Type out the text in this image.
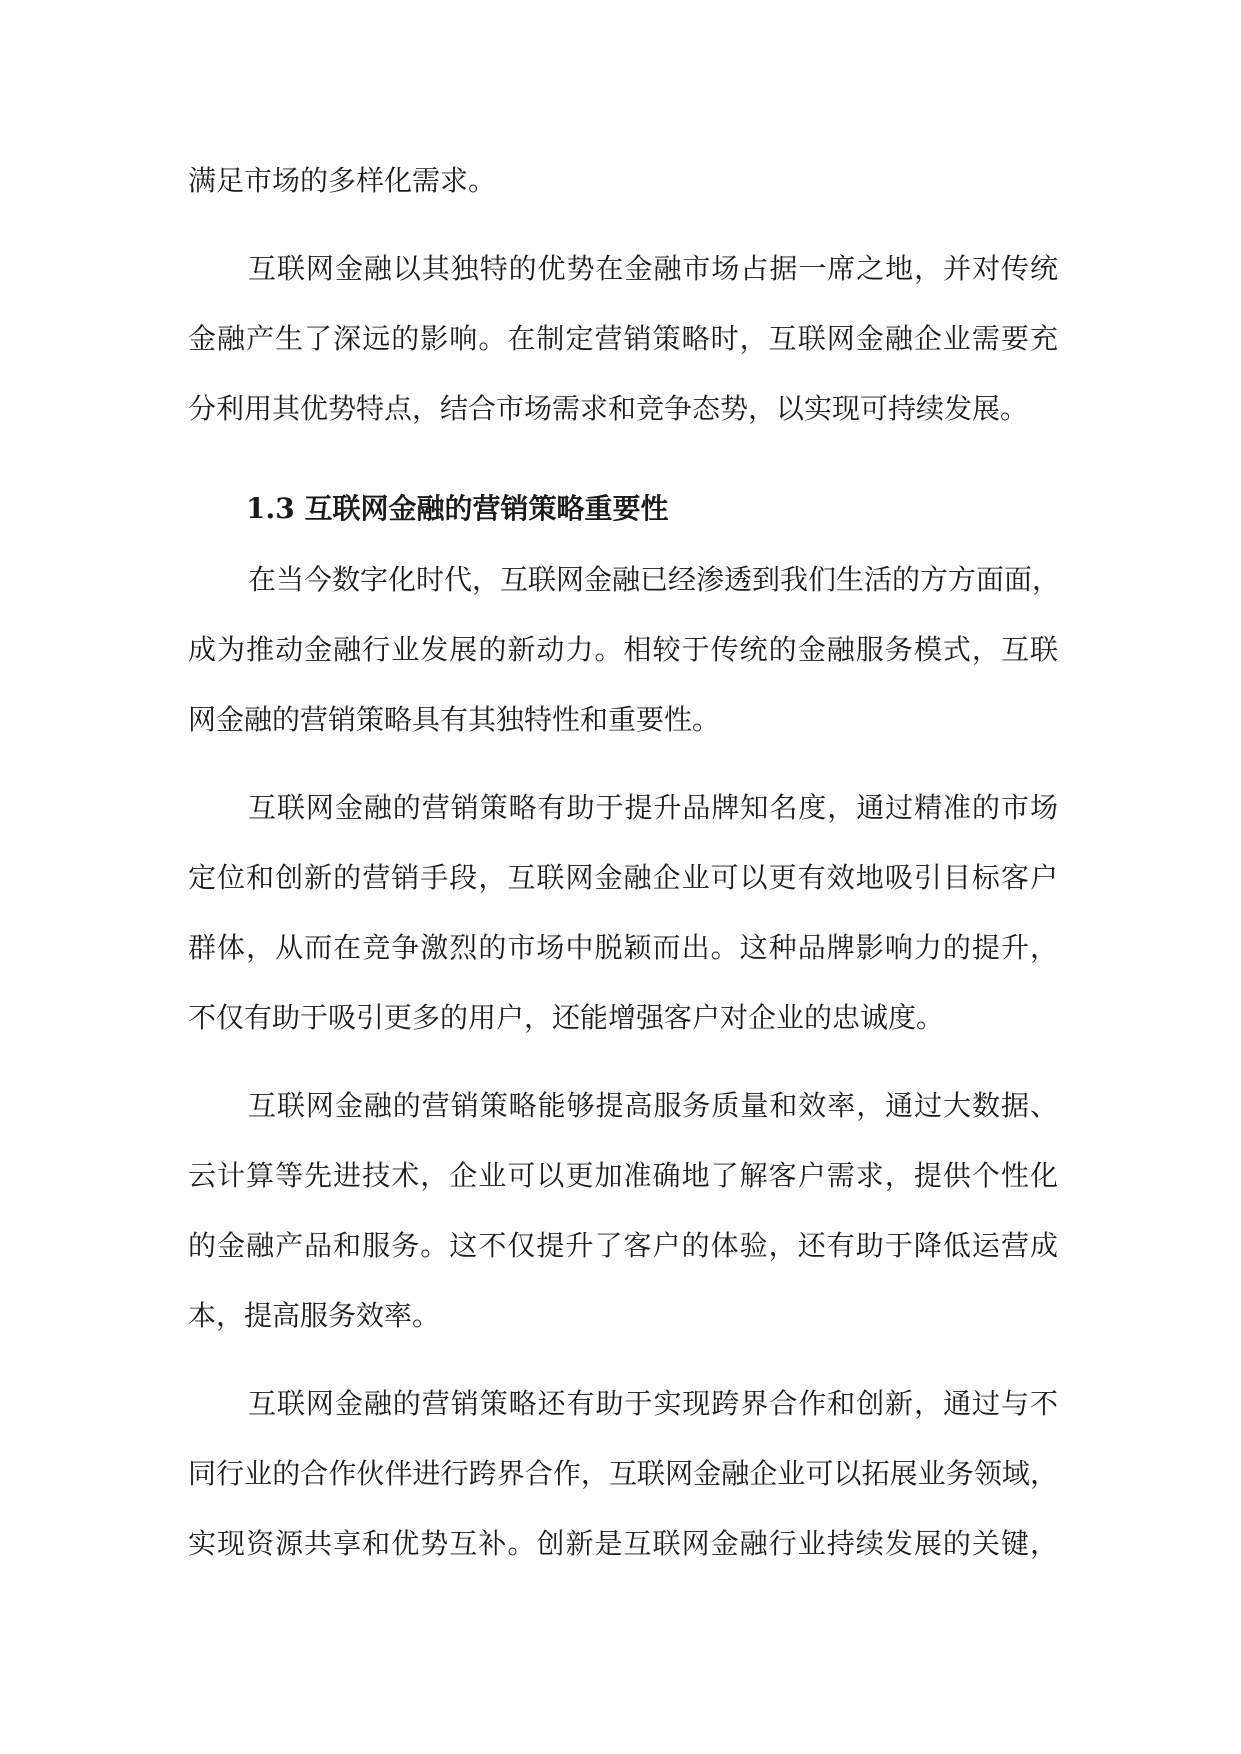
满足市场的多样化需求。
互联网金融以其独特的优势在金融市场占据一席之地，并对传统
金融产生了深远的影响。在制定营销策略时，互联网金融企业需要充
分利用其优势特点，结合市场需求和竞争态势，以实现可持续发展。
1.3 互联网金融的营销策略重要性
在当今数字化时代，互联网金融已经渗透到我们生活的方方面面，
成为推动金融行业发展的新动力。相较于传统的金融服务模式，互联
网金融的营销策略具有其独特性和重要性。
互联网金融的营销策略有助于提升品牌知名度，通过精准的市场
定位和创新的营销手段，互联网金融企业可以更有效地吸引目标客户
群体，从而在竞争激烈的市场中脱颖而出。这种品牌影响力的提升，
不仅有助于吸引更多的用户，还能增强客户对企业的忠诚度。
互联网金融的营销策略能够提高服务质量和效率，通过大数据、
云计算等先进技术，企业可以更加准确地了解客户需求，提供个性化
的金融产品和服务。这不仅提升了客户的体验，还有助于降低运营成
本，提高服务效率。
互联网金融的营销策略还有助于实现跨界合作和创新，通过与不
同行业的合作伙伴进行跨界合作，互联网金融企业可以拓展业务领域，
实现资源共享和优势互补。创新是互联网金融行业持续发展的关键，
